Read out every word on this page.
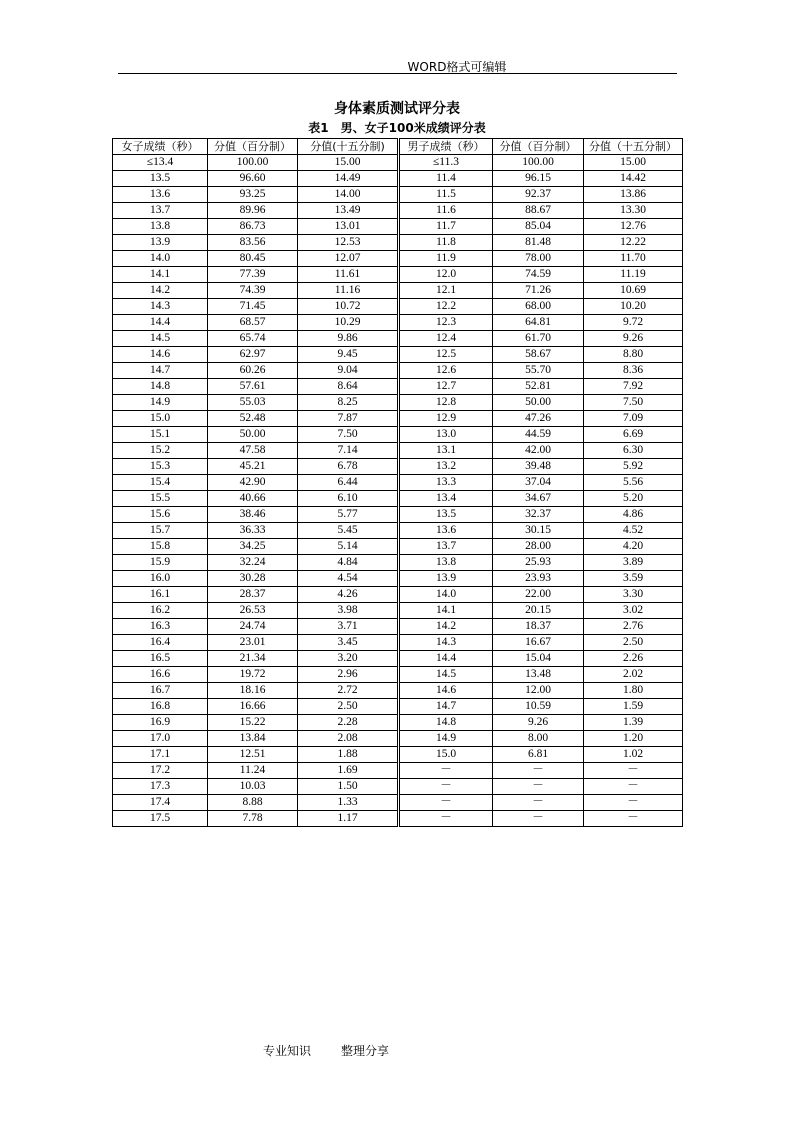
WORD格式可编辑
身体素质测试评分表
表1　男、女子100米成绩评分表
女子成绩（秒）	分值（百分制）	分值(十五分制)	男子成绩（秒）	分值（百分制）	分值（十五分制）
≤13.4	100.00	15.00	≤11.3	100.00	15.00
13.5	96.60	14.49	11.4	96.15	14.42
13.6	93.25	14.00	11.5	92.37	13.86
13.7	89.96	13.49	11.6	88.67	13.30
13.8	86.73	13.01	11.7	85.04	12.76
13.9	83.56	12.53	11.8	81.48	12.22
14.0	80.45	12.07	11.9	78.00	11.70
14.1	77.39	11.61	12.0	74.59	11.19
14.2	74.39	11.16	12.1	71.26	10.69
14.3	71.45	10.72	12.2	68.00	10.20
14.4	68.57	10.29	12.3	64.81	9.72
14.5	65.74	9.86	12.4	61.70	9.26
14.6	62.97	9.45	12.5	58.67	8.80
14.7	60.26	9.04	12.6	55.70	8.36
14.8	57.61	8.64	12.7	52.81	7.92
14.9	55.03	8.25	12.8	50.00	7.50
15.0	52.48	7.87	12.9	47.26	7.09
15.1	50.00	7.50	13.0	44.59	6.69
15.2	47.58	7.14	13.1	42.00	6.30
15.3	45.21	6.78	13.2	39.48	5.92
15.4	42.90	6.44	13.3	37.04	5.56
15.5	40.66	6.10	13.4	34.67	5.20
15.6	38.46	5.77	13.5	32.37	4.86
15.7	36.33	5.45	13.6	30.15	4.52
15.8	34.25	5.14	13.7	28.00	4.20
15.9	32.24	4.84	13.8	25.93	3.89
16.0	30.28	4.54	13.9	23.93	3.59
16.1	28.37	4.26	14.0	22.00	3.30
16.2	26.53	3.98	14.1	20.15	3.02
16.3	24.74	3.71	14.2	18.37	2.76
16.4	23.01	3.45	14.3	16.67	2.50
16.5	21.34	3.20	14.4	15.04	2.26
16.6	19.72	2.96	14.5	13.48	2.02
16.7	18.16	2.72	14.6	12.00	1.80
16.8	16.66	2.50	14.7	10.59	1.59
16.9	15.22	2.28	14.8	9.26	1.39
17.0	13.84	2.08	14.9	8.00	1.20
17.1	12.51	1.88	15.0	6.81	1.02
17.2	11.24	1.69	－	－	－
17.3	10.03	1.50	－	－	－
17.4	8.88	1.33	－	－	－
17.5	7.78	1.17	－	－	－
专业知识	整理分享
